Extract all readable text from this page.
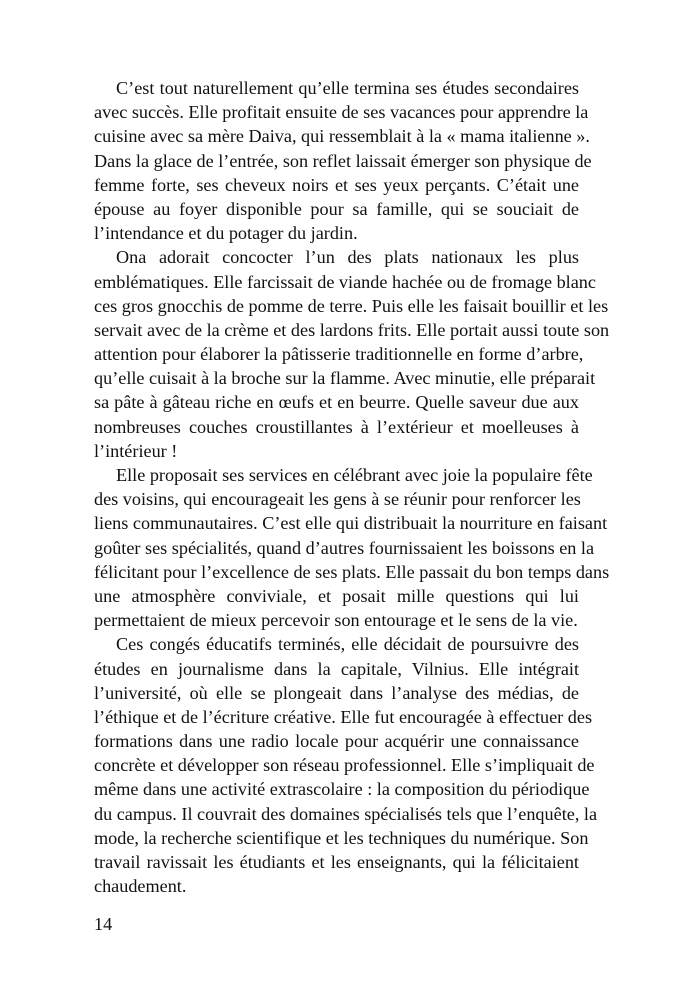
C’est tout naturellement qu’elle termina ses études secondaires
avec succès. Elle profitait ensuite de ses vacances pour apprendre la
cuisine avec sa mère Daiva, qui ressemblait à la « mama italienne ».
Dans la glace de l’entrée, son reflet laissait émerger son physique de
femme forte, ses cheveux noirs et ses yeux perçants. C’était une
épouse au foyer disponible pour sa famille, qui se souciait de
l’intendance et du potager du jardin.
Ona adorait concocter l’un des plats nationaux les plus
emblématiques. Elle farcissait de viande hachée ou de fromage blanc
ces gros gnocchis de pomme de terre. Puis elle les faisait bouillir et les
servait avec de la crème et des lardons frits. Elle portait aussi toute son
attention pour élaborer la pâtisserie traditionnelle en forme d’arbre,
qu’elle cuisait à la broche sur la flamme. Avec minutie, elle préparait
sa pâte à gâteau riche en œufs et en beurre. Quelle saveur due aux
nombreuses couches croustillantes à l’extérieur et moelleuses à
l’intérieur !
Elle proposait ses services en célébrant avec joie la populaire fête
des voisins, qui encourageait les gens à se réunir pour renforcer les
liens communautaires. C’est elle qui distribuait la nourriture en faisant
goûter ses spécialités, quand d’autres fournissaient les boissons en la
félicitant pour l’excellence de ses plats. Elle passait du bon temps dans
une atmosphère conviviale, et posait mille questions qui lui
permettaient de mieux percevoir son entourage et le sens de la vie.
Ces congés éducatifs terminés, elle décidait de poursuivre des
études en journalisme dans la capitale, Vilnius. Elle intégrait
l’université, où elle se plongeait dans l’analyse des médias, de
l’éthique et de l’écriture créative. Elle fut encouragée à effectuer des
formations dans une radio locale pour acquérir une connaissance
concrète et développer son réseau professionnel. Elle s’impliquait de
même dans une activité extrascolaire : la composition du périodique
du campus. Il couvrait des domaines spécialisés tels que l’enquête, la
mode, la recherche scientifique et les techniques du numérique. Son
travail ravissait les étudiants et les enseignants, qui la félicitaient
chaudement.
14
